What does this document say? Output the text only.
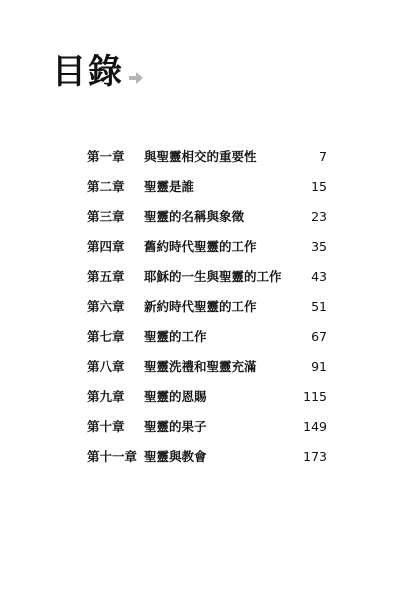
目錄
第一章 與聖靈相交的重要性	7
第二章 聖靈是誰	15
第三章 聖靈的名稱與象徵	23
第四章 舊約時代聖靈的工作	35
第五章 耶穌的一生與聖靈的工作 43
第六章 新約時代聖靈的工作	51
第七章 聖靈的工作	67
第八章 聖靈洗禮和聖靈充滿	91
第九章 聖靈的恩賜	115
第十章 聖靈的果子	149
第十一章 聖靈與教會	173
